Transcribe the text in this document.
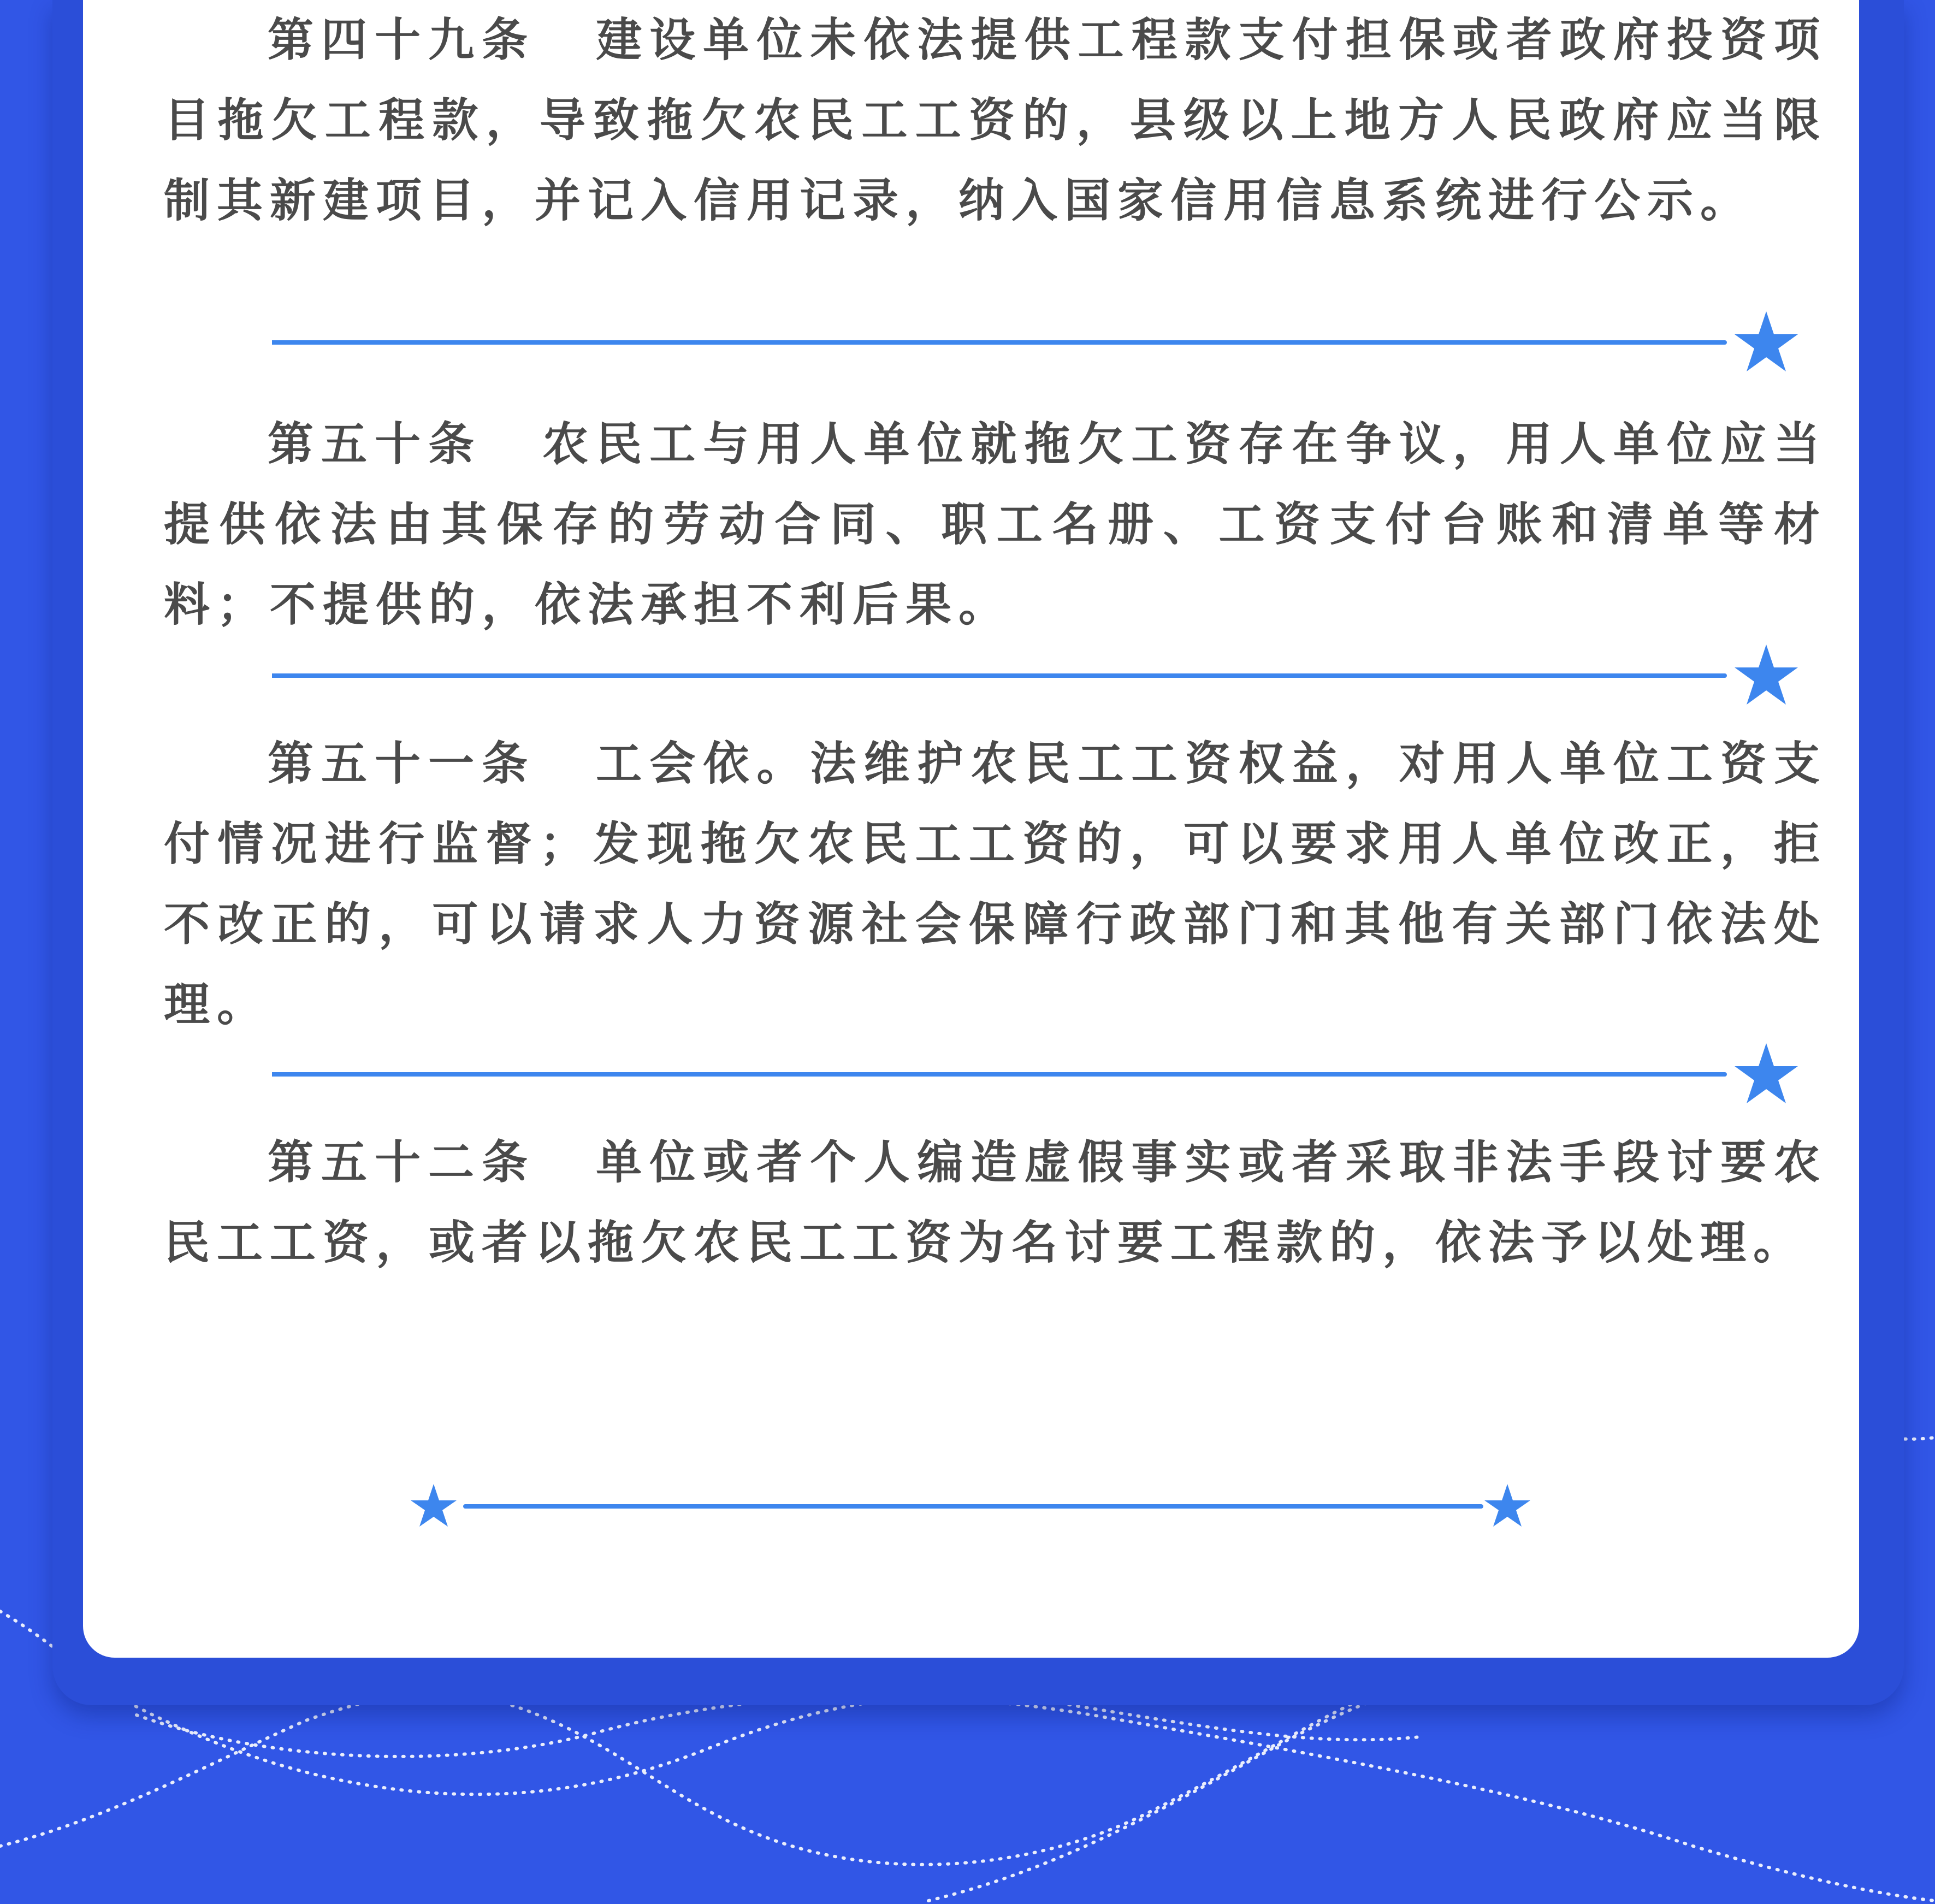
第四十九条 建设单位未依法提供工程款支付担保或者政府投资项目拖欠工程款，导致拖欠农民工工资的，县级以上地方人民政府应当限制其新建项目，并记入信用记录，纳入国家信用信息系统进行公示。

第五十条 农民工与用人单位就拖欠工资存在争议，用人单位应当提供依法由其保存的劳动合同、职工名册、工资支付台账和清单等材料；不提供的，依法承担不利后果。

第五十一条 工会依。法维护农民工工资权益，对用人单位工资支付情况进行监督；发现拖欠农民工工资的，可以要求用人单位改正，拒不改正的，可以请求人力资源社会保障行政部门和其他有关部门依法处理。

第五十二条 单位或者个人编造虚假事实或者采取非法手段讨要农民工工资，或者以拖欠农民工工资为名讨要工程款的，依法予以处理。
